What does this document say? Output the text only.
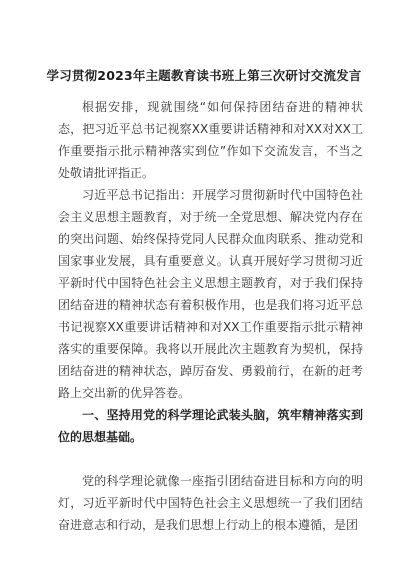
学习贯彻2023年主题教育读书班上第三次研讨交流发言
根据安排，现就围绕“如何保持团结奋进的精神状态，把习近平总书记视察XX重要讲话精神和对XX对XX工作重要指示批示精神落实到位”作如下交流发言，不当之处敬请批评指正。
习近平总书记指出：开展学习贯彻新时代中国特色社会主义思想主题教育，对于统一全党思想、解决党内存在的突出问题、始终保持党同人民群众血肉联系、推动党和国家事业发展，具有重要意义。认真开展好学习贯彻习近平新时代中国特色社会主义思想主题教育，对于我们保持团结奋进的精神状态有着积极作用，也是我们将习近平总书记视察XX重要讲话精神和对XX工作重要指示批示精神落实的重要保障。我将以开展此次主题教育为契机，保持团结奋进的精神状态，踔厉奋发、勇毅前行，在新的赶考路上交出新的优异答卷。
一、坚持用党的科学理论武装头脑，筑牢精神落实到位的思想基础。
党的科学理论就像一座指引团结奋进目标和方向的明灯，习近平新时代中国特色社会主义思想统一了我们团结奋进意志和行动，是我们思想上行动上的根本遵循，是团
